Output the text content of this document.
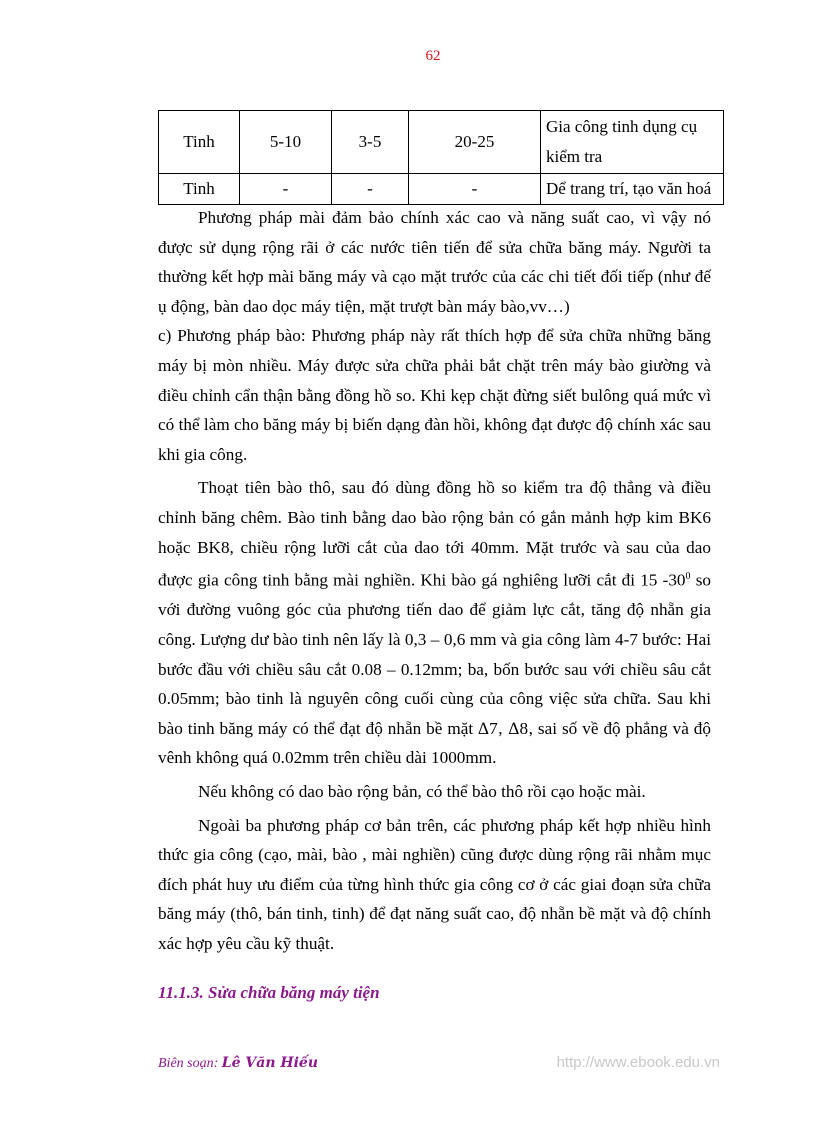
62
Tinh	5-10	3-5	20-25	Gia công tinh dụng cụ kiểm tra
Tinh	-	-	-	Dể trang trí, tạo văn hoá

Phương pháp mài đảm bảo chính xác cao và năng suất cao, vì vậy nó được sử dụng rộng rãi ở các nước tiên tiến để sửa chữa băng máy. Người ta thường kết hợp mài băng máy và cạo mặt trước của các chi tiết đối tiếp (như đế ụ động, bàn dao dọc máy tiện, mặt trượt bàn máy bào,vv…)

c) Phương pháp bào: Phương pháp này rất thích hợp để sửa chữa những băng máy bị mòn nhiều. Máy được sửa chữa phải bắt chặt trên máy bào giường và điều chỉnh cẩn thận bằng đồng hồ so. Khi kẹp chặt đừng siết bulông quá mức vì có thể làm cho băng máy bị biến dạng đàn hồi, không đạt được độ chính xác sau khi gia công.

Thoạt tiên bào thô, sau đó dùng đồng hồ so kiểm tra độ thẳng và điều chỉnh băng chêm. Bào tinh bằng dao bào rộng bản có gắn mảnh hợp kim BK6 hoặc BK8, chiều rộng lưỡi cắt của dao tới 40mm. Mặt trước và sau của dao được gia công tinh bằng mài nghiền. Khi bào gá nghiêng lưỡi cắt đi 15 $-30^0$ so với đường vuông góc của phương tiến dao để giảm lực cắt, tăng độ nhẵn gia công. Lượng dư bào tinh nên lấy là 0,3 – 0,6 mm và gia công làm 4-7 bước: Hai bước đầu với chiều sâu cắt 0.08 – 0.12mm; ba, bốn bước sau với chiều sâu cắt 0.05mm; bào tinh là nguyên công cuối cùng của công việc sửa chữa. Sau khi bào tinh băng máy có thể đạt độ nhẵn bề mặt ∆7, ∆8, sai số về độ phẳng và độ vênh không quá 0.02mm trên chiều dài 1000mm.

Nếu không có dao bào rộng bản, có thể bào thô rồi cạo hoặc mài.

Ngoài ba phương pháp cơ bản trên, các phương pháp kết hợp nhiều hình thức gia công (cạo, mài, bào , mài nghiền) cũng được dùng rộng rãi nhằm mục đích phát huy ưu điểm của từng hình thức gia công cơ ở các giai đoạn sửa chữa băng máy (thô, bán tinh, tinh) để đạt năng suất cao, độ nhẵn bề mặt và độ chính xác hợp yêu cầu kỹ thuật.

11.1.3. Sửa chữa băng máy tiện
Biên soạn: Lê Văn Hiếu	http://www.ebook.edu.vn
